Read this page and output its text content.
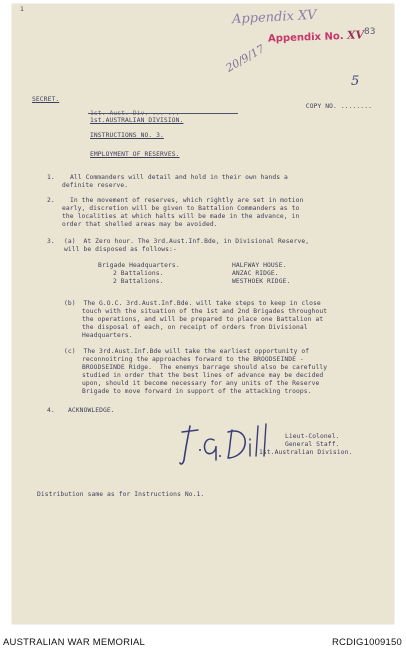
1	Appendix XV
Appendix No. XV 83
20/9/17
SECRET.

COPY NO. ........

5
1st.AUSTRALIAN DIVISION.
INSTRUCTIONS NO. 3.
EMPLOYMENT OF RESERVES.
1. All Commanders will detail and hold in their own hands a
definite reserve.
2. In the movement of reserves, which rightly are set in motion
early, discretion will be given to Battalion Commanders as to
the localities at which halts will be made in the advance, in
order that shelled areas may be avoided.
3. (a)  At Zero hour. The 3rd.Aust.Inf.Bde, in Divisional Reserve,
will be disposed as follows:-
Brigade Headquarters.	HALFWAY HOUSE.
2 Battalions.	ANZAC RIDGE.
2 Battalions.	WESTHOEK RIDGE.
(b)  The G.O.C. 3rd.Aust.Inf.Bde. will take steps to keep in close
touch with the situation of the 1st and 2nd Brigades throughout
the operations, and will be prepared to place one Battalion at
the disposal of each, on receipt of orders from Divisional
Headquarters.
(c)  The 3rd.Aust.Inf.Bde will take the earliest opportunity of
reconnoitring the approaches forward to the BROODSEINDE -
BROODSEINDE Ridge.  The enemys barrage should also be carefully
studied in order that the best lines of advance may be decided
upon, should it become necessary for any units of the Reserve
Brigade to move forward in support of the attacking troops.
4. ACKNOWLEDGE.
Lieut-Colonel.
General Staff.
1st.Australian Division.
Distribution same as for Instructions No.1.
AUSTRALIAN WAR MEMORIAL	RCDIG1009150
